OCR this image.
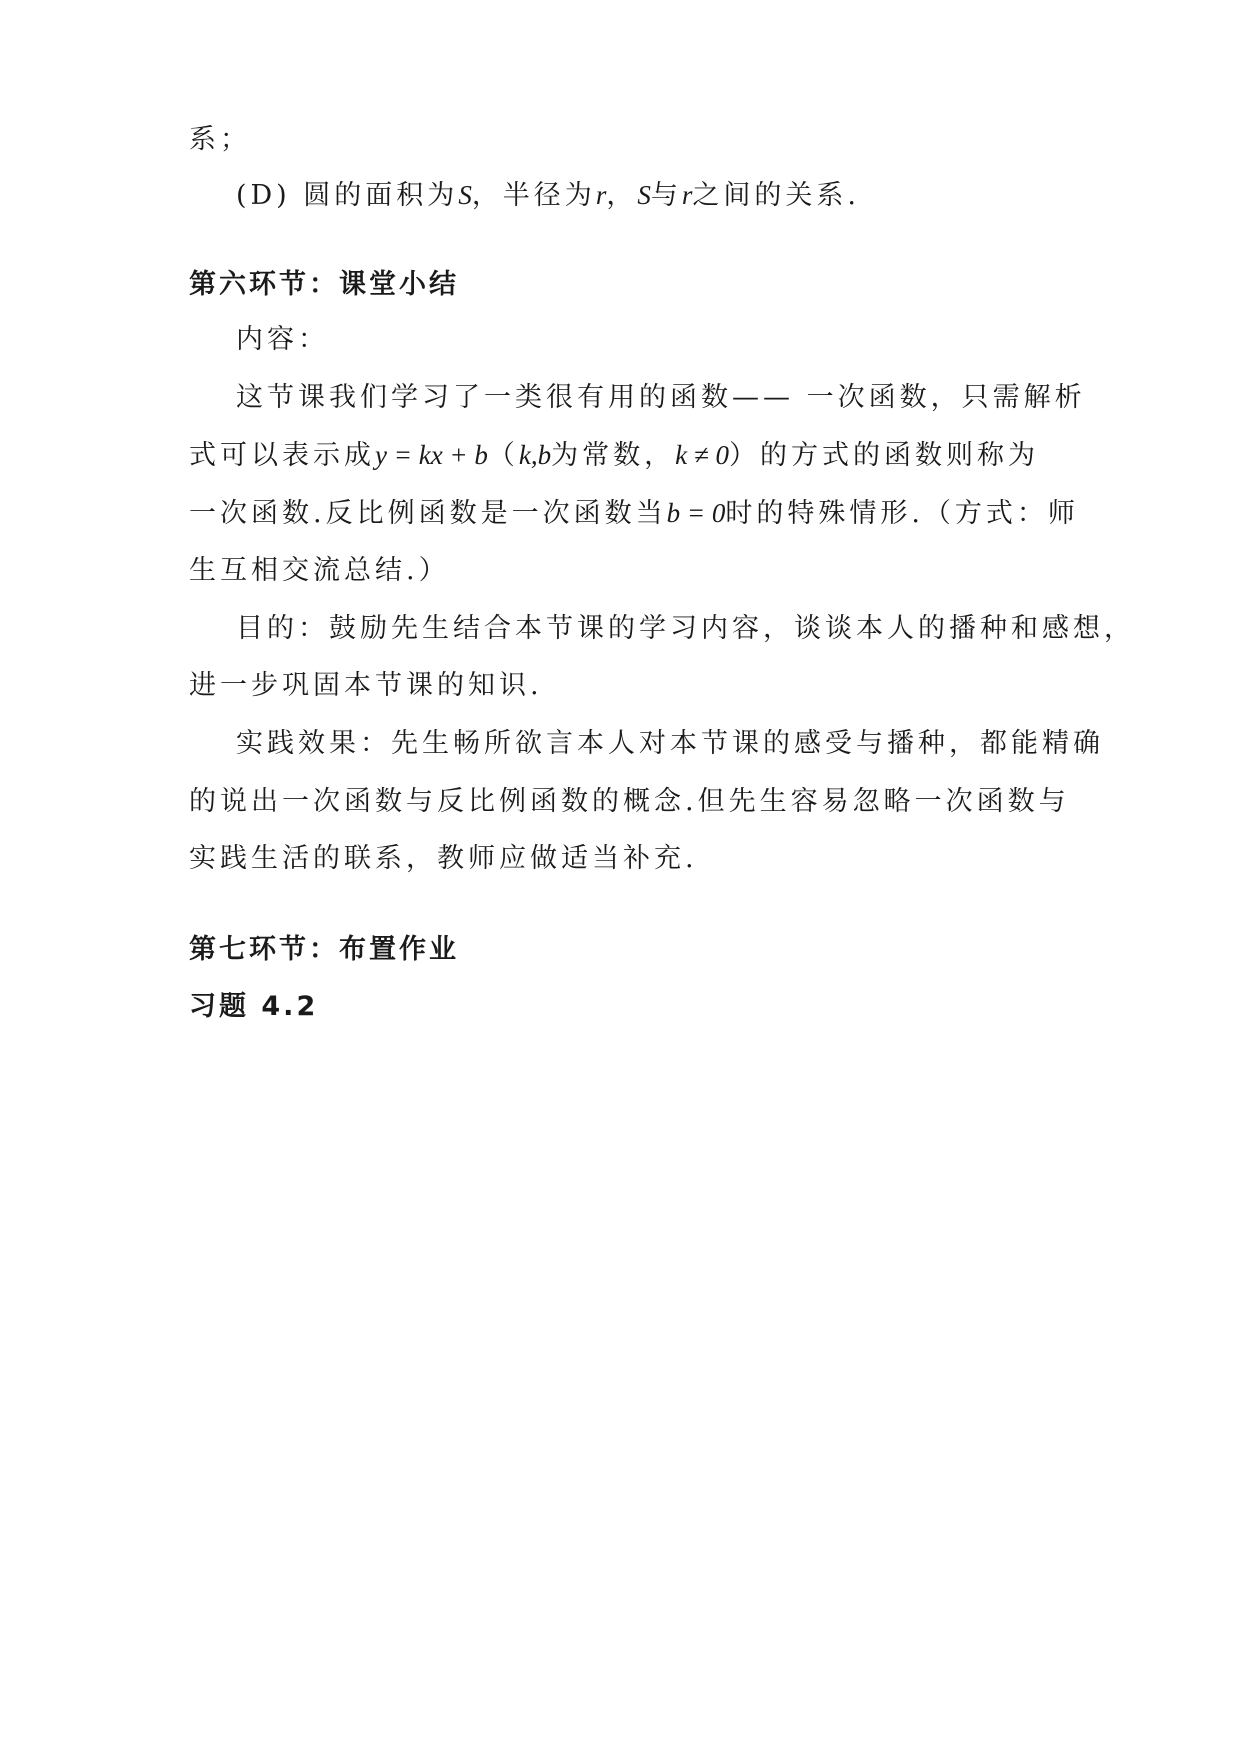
系；
(D) 圆的面积为S，半径为r，S与r之间的关系.
第六环节：课堂小结
内容：
这节课我们学习了一类很有用的函数—— 一次函数，只需解析
式可以表示成y = kx + b（k,b为常数，k ≠ 0）的方式的函数则称为
一次函数.反比例函数是一次函数当b = 0时的特殊情形.（方式：师
生互相交流总结.）
目的：鼓励先生结合本节课的学习内容，谈谈本人的播种和感想，
进一步巩固本节课的知识.
实践效果：先生畅所欲言本人对本节课的感受与播种，都能精确
的说出一次函数与反比例函数的概念.但先生容易忽略一次函数与
实践生活的联系，教师应做适当补充.
第七环节：布置作业
习题 4.2
